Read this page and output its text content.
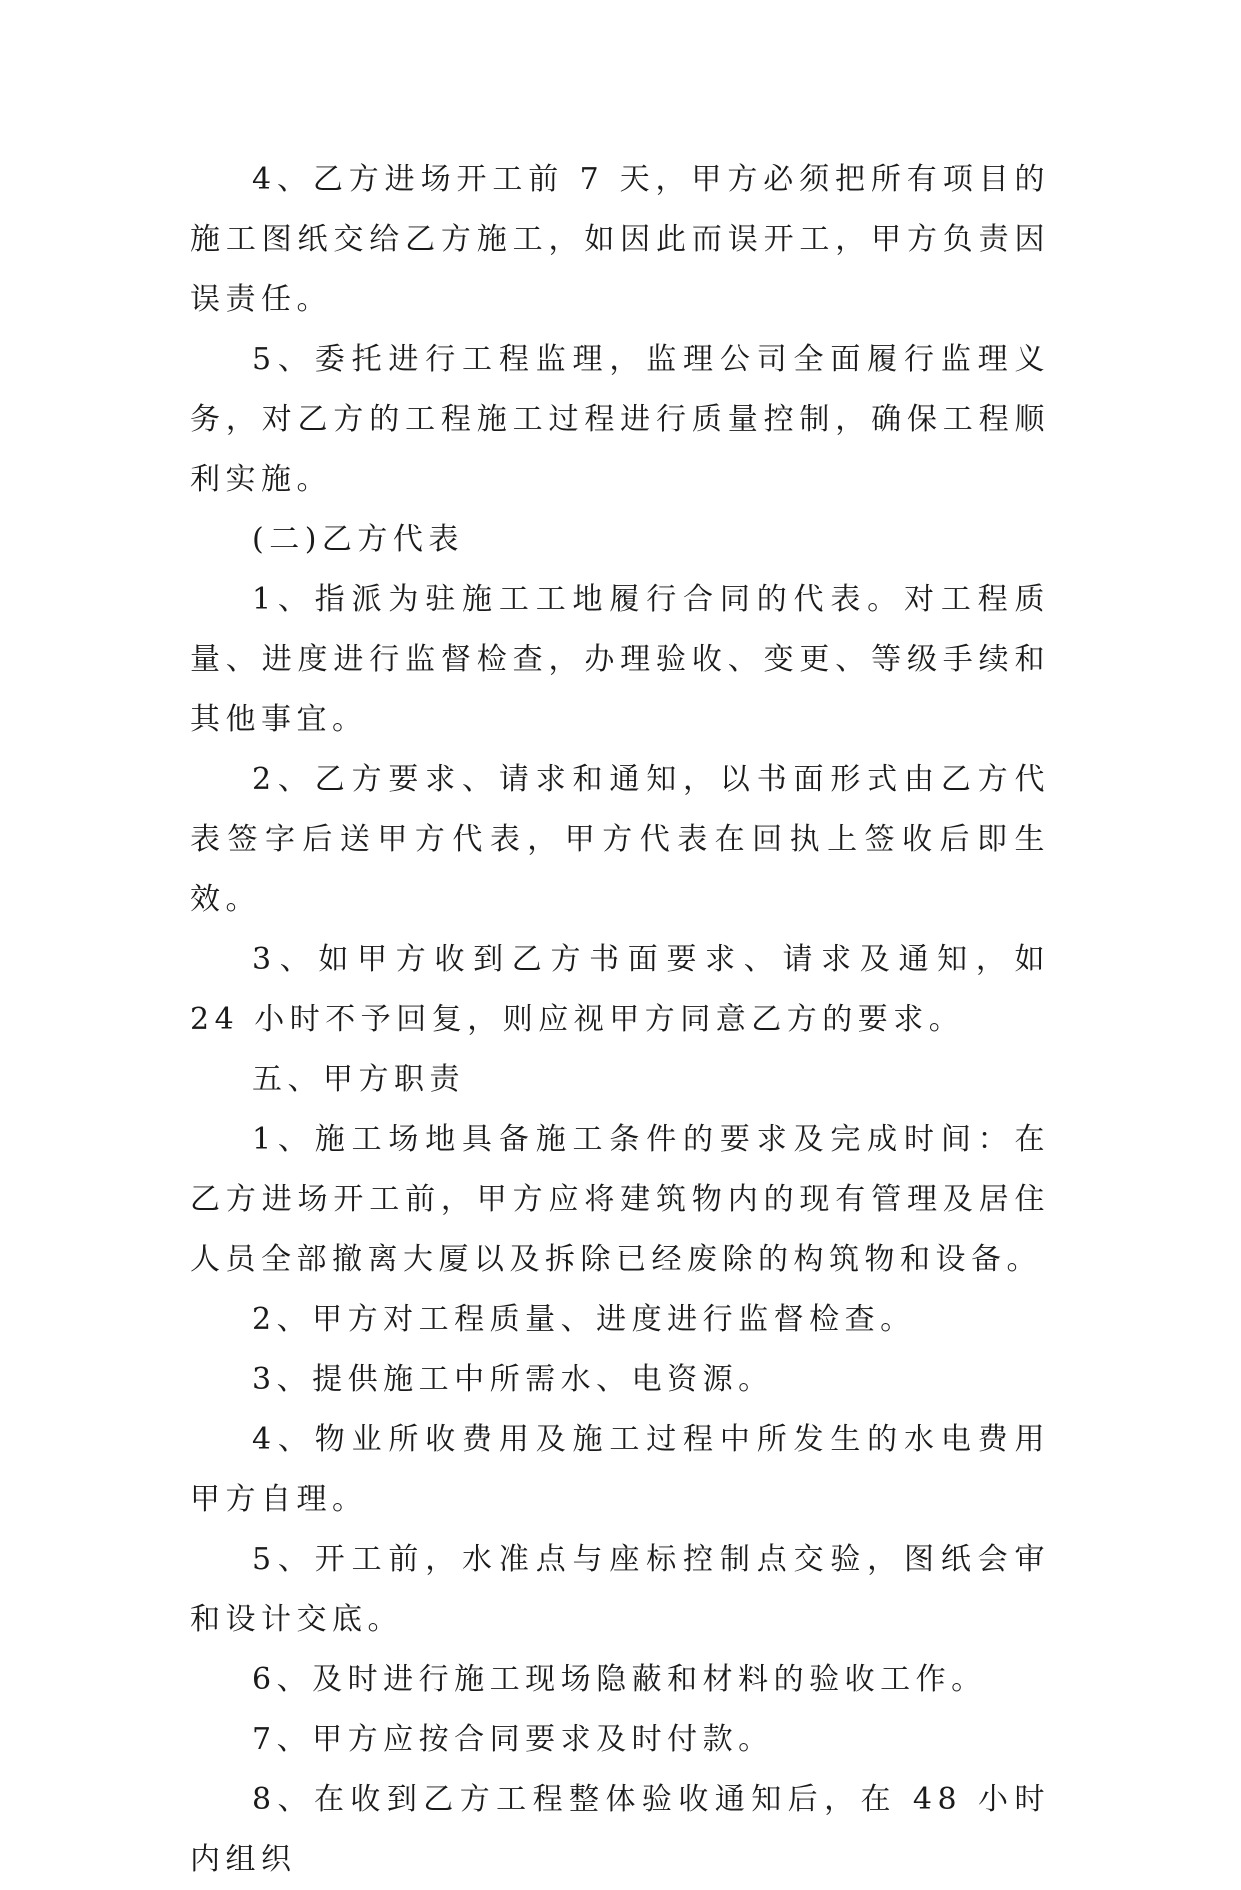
4、乙方进场开工前 7 天，甲方必须把所有项目的施工图纸交给乙方施工，如因此而误开工，甲方负责因误责任。

5、委托进行工程监理，监理公司全面履行监理义务，对乙方的工程施工过程进行质量控制，确保工程顺利实施。

(二)乙方代表

1、指派为驻施工工地履行合同的代表。对工程质量、进度进行监督检查，办理验收、变更、等级手续和其他事宜。

2、乙方要求、请求和通知，以书面形式由乙方代表签字后送甲方代表，甲方代表在回执上签收后即生效。

3、如甲方收到乙方书面要求、请求及通知，如 24 小时不予回复，则应视甲方同意乙方的要求。

五、甲方职责

1、施工场地具备施工条件的要求及完成时间：在乙方进场开工前，甲方应将建筑物内的现有管理及居住人员全部撤离大厦以及拆除已经废除的构筑物和设备。

2、甲方对工程质量、进度进行监督检查。

3、提供施工中所需水、电资源。

4、物业所收费用及施工过程中所发生的水电费用甲方自理。

5、开工前，水准点与座标控制点交验，图纸会审和设计交底。

6、及时进行施工现场隐蔽和材料的验收工作。

7、甲方应按合同要求及时付款。

8、在收到乙方工程整体验收通知后，在 48 小时内组织
